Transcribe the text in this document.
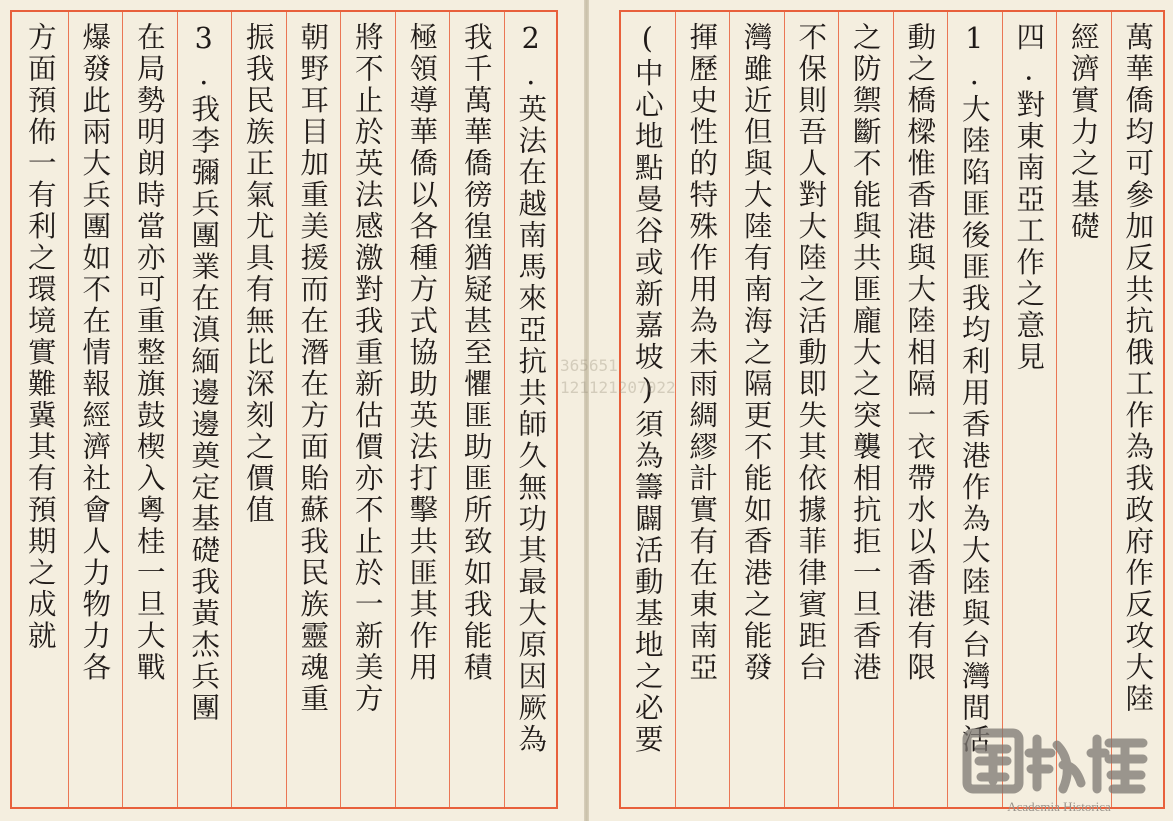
2.英法在越南馬來亞抗共師久無功其最大原因厥為
我千萬華僑徬徨猶疑甚至懼匪助匪所致如我能積
極領導華僑以各種方式協助英法打擊共匪其作用
將不止於英法感激對我重新估價亦不止於一新美方
朝野耳目加重美援而在潛在方面貽蘇我民族靈魂重
振我民族正氣尤具有無比深刻之價值
3.我李彌兵團業在滇緬邊邊奠定基礎我黃杰兵團
在局勢明朗時當亦可重整旗鼓楔入粵桂一旦大戰
爆發此兩大兵團如不在情報經濟社會人力物力各
方面預佈一有利之環境實難冀其有預期之成就	萬華僑均可參加反共抗俄工作為我政府作反攻大陸
經濟實力之基礎
四.對東南亞工作之意見
1.大陸陷匪後匪我均利用香港作為大陸與台灣間活
動之橋樑惟香港與大陸相隔一衣帶水以香港有限
之防禦斷不能與共匪龐大之突襲相抗拒一旦香港
不保則吾人對大陸之活動即失其依據菲律賓距台
灣雖近但與大陸有南海之隔更不能如香港之能發
揮歷史性的特殊作用為未雨綢繆計實有在東南亞
(中心地點曼谷或新嘉坡)須為籌闢活動基地之必要
365651
121121207022
Academia Historica
